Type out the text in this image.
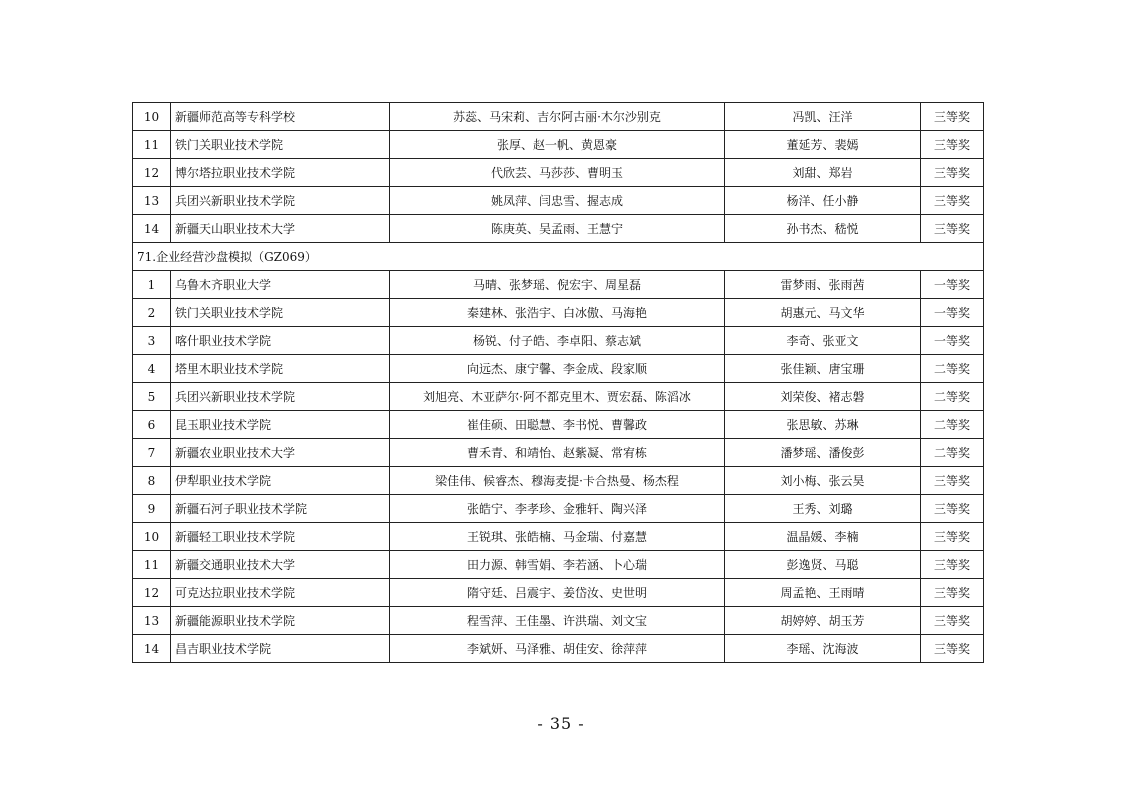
10	新疆师范高等专科学校	苏蕊、马宋莉、吉尔阿古丽·木尔沙别克	冯凯、汪洋	三等奖
11	铁门关职业技术学院	张厚、赵一帆、黄恩豪	董延芳、裴嫣	三等奖
12	博尔塔拉职业技术学院	代欣芸、马莎莎、曹明玉	刘甜、郑岩	三等奖
13	兵团兴新职业技术学院	姚凤萍、闫忠雪、握志成	杨洋、任小静	三等奖
14	新疆天山职业技术大学	陈庚英、吴孟雨、王慧宁	孙书杰、嵇悦	三等奖
71.企业经营沙盘模拟（GZ069）				
1	乌鲁木齐职业大学	马晴、张梦瑶、倪宏宇、周星磊	雷梦雨、张雨茜	一等奖
2	铁门关职业技术学院	秦建林、张浩宇、白冰傲、马海艳	胡惠元、马文华	一等奖
3	喀什职业技术学院	杨锐、付子皓、李卓阳、蔡志斌	李奇、张亚文	一等奖
4	塔里木职业技术学院	向远杰、康宁馨、李金成、段家顺	张佳颖、唐宝珊	二等奖
5	兵团兴新职业技术学院	刘旭亮、木亚萨尔·阿不都克里木、贾宏磊、陈滔冰	刘荣俊、褚志磐	二等奖
6	昆玉职业技术学院	崔佳硕、田聪慧、李书悦、曹馨政	张思敏、苏琳	二等奖
7	新疆农业职业技术大学	曹禾青、和靖怡、赵紫凝、常宥栋	潘梦瑶、潘俊彭	二等奖
8	伊犁职业技术学院	梁佳伟、候睿杰、穆海麦提·卡合热曼、杨杰程	刘小梅、张云昊	三等奖
9	新疆石河子职业技术学院	张皓宁、李孝珍、金雅轩、陶兴泽	王秀、刘璐	三等奖
10	新疆轻工职业技术学院	王锐琪、张皓楠、马金瑞、付嘉慧	温晶媛、李楠	三等奖
11	新疆交通职业技术大学	田力源、韩雪娟、李若涵、卜心瑞	彭逸贤、马聪	三等奖
12	可克达拉职业技术学院	隋守廷、吕震宇、姜岱汝、史世明	周孟艳、王雨晴	三等奖
13	新疆能源职业技术学院	程雪萍、王佳墨、许洪瑞、刘文宝	胡婷婷、胡玉芳	三等奖
14	昌吉职业技术学院	李斌妍、马泽雅、胡佳安、徐萍萍	李瑶、沈海波	三等奖
- 35 -
